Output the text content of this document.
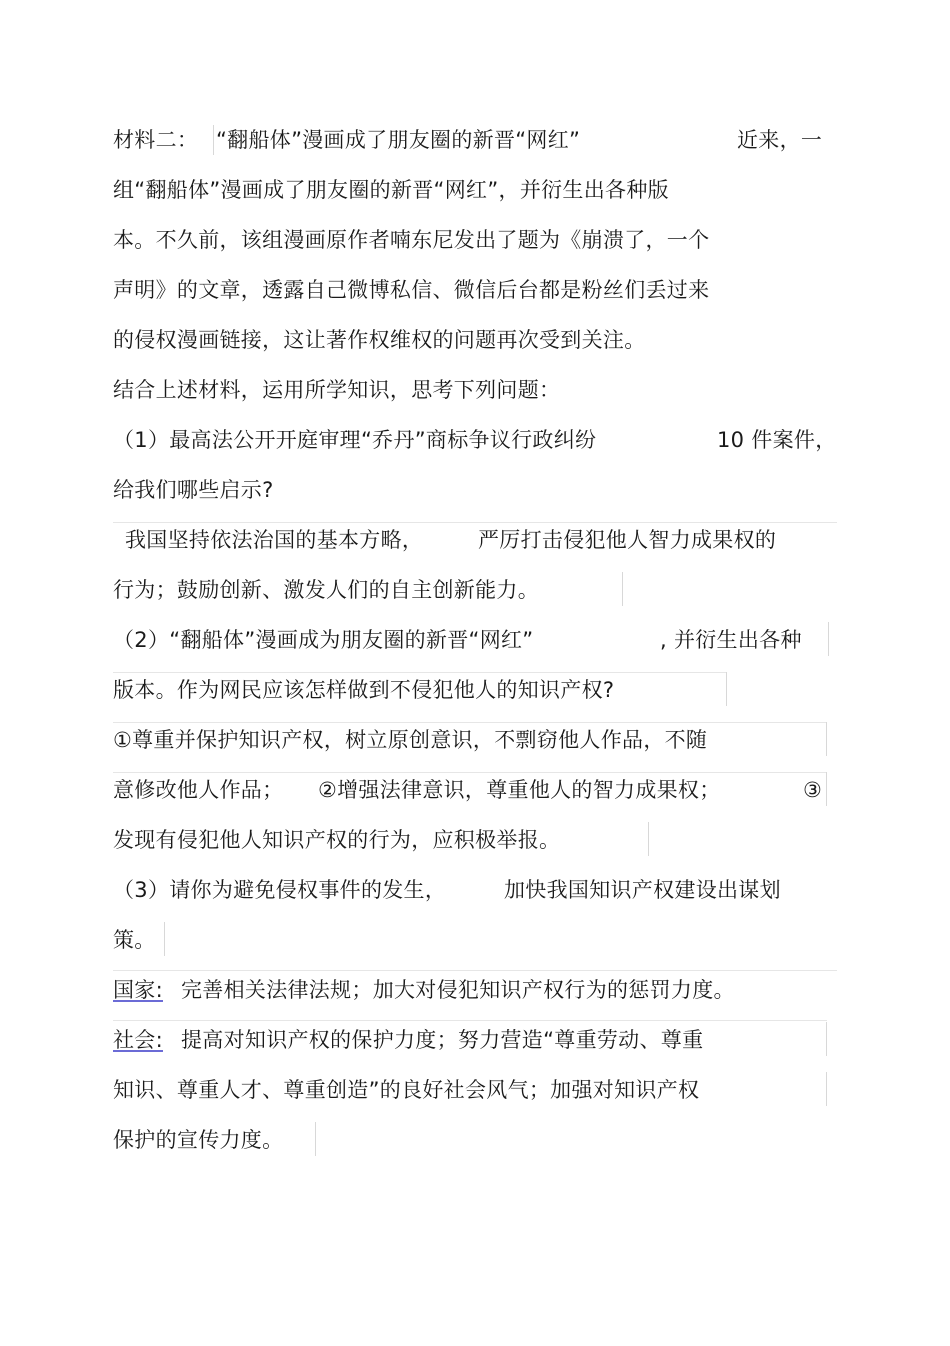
材料二： “翻船体”漫画成了朋友圈的新晋“网红”	近来，一
组“翻船体”漫画成了朋友圈的新晋“网红”，并衍生出各种版
本。不久前，该组漫画原作者喃东尼发出了题为《崩溃了，一个
声明》的文章，透露自己微博私信、微信后台都是粉丝们丢过来
的侵权漫画链接，这让著作权维权的问题再次受到关注。
结合上述材料，运用所学知识，思考下列问题：
（1）最高法公开开庭审理“乔丹”商标争议行政纠纷	10 件案件，
给我们哪些启示?
我国坚持依法治国的基本方略，	严厉打击侵犯他人智力成果权的
行为；鼓励创新、激发人们的自主创新能力。
（2）“翻船体”漫画成为朋友圈的新晋“网红”	, 并衍生出各种
版本。作为网民应该怎样做到不侵犯他人的知识产权?
①尊重并保护知识产权，树立原创意识，不剽窃他人作品，不随
意修改他人作品； ②增强法律意识，尊重他人的智力成果权；	③
发现有侵犯他人知识产权的行为，应积极举报。
（3）请你为避免侵权事件的发生，	加快我国知识产权建设出谋划
策。
国家: 完善相关法律法规；加大对侵犯知识产权行为的惩罚力度。
社会: 提高对知识产权的保护力度；努力营造“尊重劳动、尊重
知识、尊重人才、尊重创造”的良好社会风气；加强对知识产权
保护的宣传力度。
